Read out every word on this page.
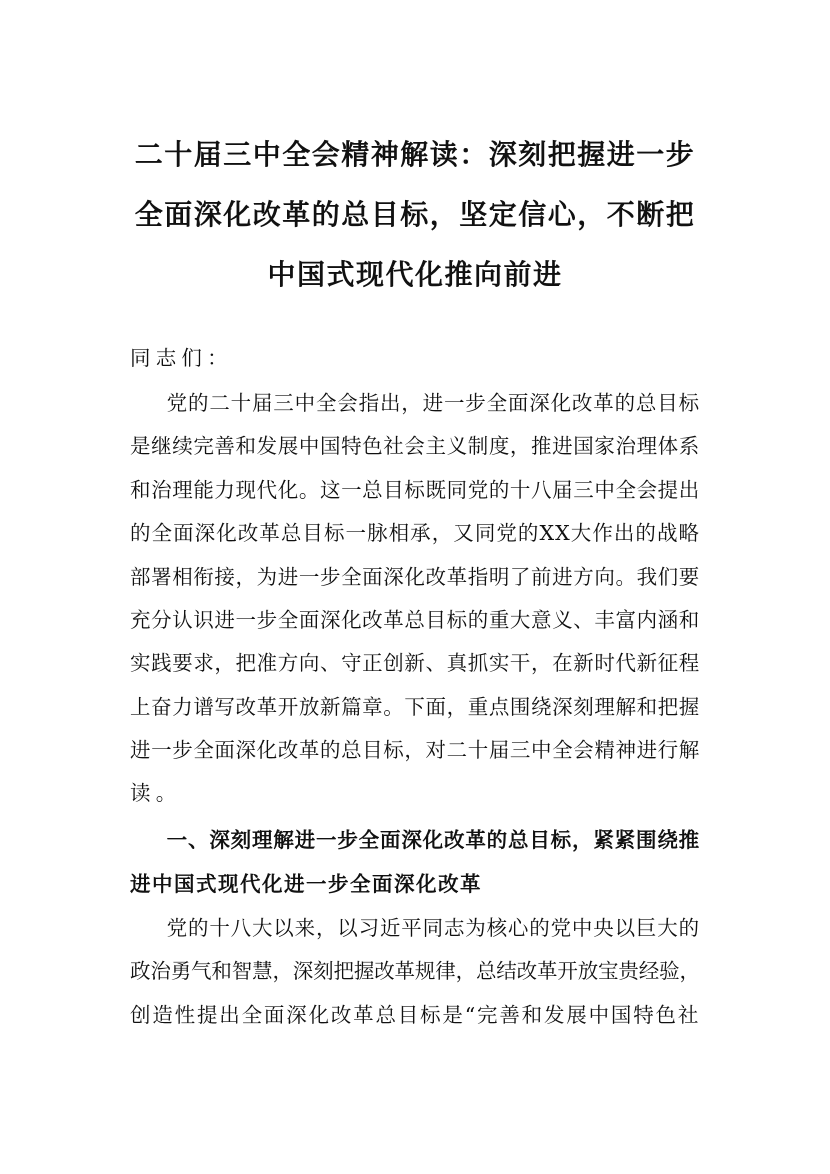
二十届三中全会精神解读：深刻把握进一步
全面深化改革的总目标，坚定信心，不断把
中国式现代化推向前进
同志们：
　　党的二十届三中全会指出，进一步全面深化改革的总目标
是继续完善和发展中国特色社会主义制度，推进国家治理体系
和治理能力现代化。这一总目标既同党的十八届三中全会提出
的全面深化改革总目标一脉相承，又同党的XX大作出的战略
部署相衔接，为进一步全面深化改革指明了前进方向。我们要
充分认识进一步全面深化改革总目标的重大意义、丰富内涵和
实践要求，把准方向、守正创新、真抓实干，在新时代新征程
上奋力谱写改革开放新篇章。下面，重点围绕深刻理解和把握
进一步全面深化改革的总目标，对二十届三中全会精神进行解
读。
　　一、深刻理解进一步全面深化改革的总目标，紧紧围绕推
进中国式现代化进一步全面深化改革
　　党的十八大以来，以习近平同志为核心的党中央以巨大的
政治勇气和智慧，深刻把握改革规律，总结改革开放宝贵经验，
创造性提出全面深化改革总目标是“完善和发展中国特色社
